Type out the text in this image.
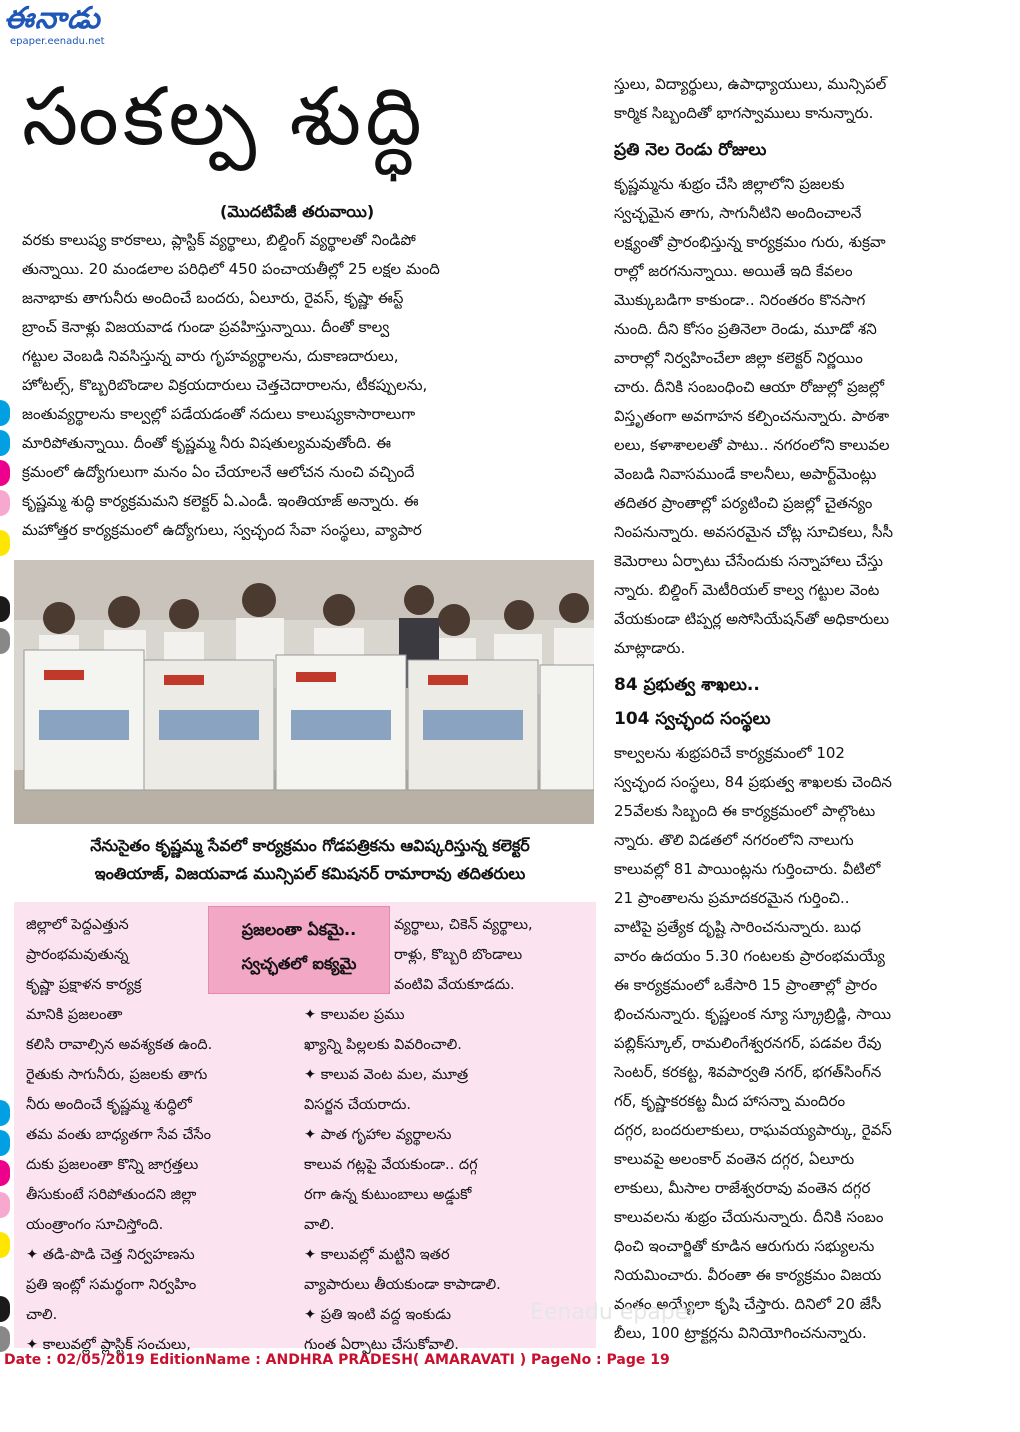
ఈనాడు
epaper.eenadu.net
సంకల్ప శుద్ధి
(మొదటిపేజీ తరువాయి)
వరకు కాలుష్య కారకాలు, ప్లాస్టిక్ వ్యర్థాలు, బిల్డింగ్ వ్యర్థాలతో నిండిపో
తున్నాయి. 20 మండలాల పరిధిలో 450 పంచాయతీల్లో 25 లక్షల మంది
జనాభాకు తాగునీరు అందించే బందరు, ఏలూరు, రైవస్, కృష్ణా ఈస్ట్
బ్రాంచ్ కెనాళ్లు విజయవాడ గుండా ప్రవహిస్తున్నాయి. దీంతో కాల్వ
గట్టుల వెంబడి నివసిస్తున్న వారు గృహవ్యర్థాలను, దుకాణదారులు,
హోటల్స్, కొబ్బరిబొండాల విక్రయదారులు చెత్తచెదారాలను, టీకప్పులను,
జంతువ్యర్థాలను కాల్వల్లో పడేయడంతో నదులు కాలుష్యకాసారాలుగా
మారిపోతున్నాయి. దీంతో కృష్ణమ్మ నీరు విషతుల్యమవుతోంది. ఈ
క్రమంలో ఉద్యోగులుగా మనం ఏం చేయాలనే ఆలోచన నుంచి వచ్చిందే
కృష్ణమ్మ శుద్ధి కార్యక్రమమని కలెక్టర్ ఏ.ఎండీ. ఇంతియాజ్ అన్నారు. ఈ
మహోత్తర కార్యక్రమంలో ఉద్యోగులు, స్వచ్ఛంద సేవా సంస్థలు, వ్యాపార
నేనుసైతం కృష్ణమ్మ సేవలో కార్యక్రమం గోడపత్రికను ఆవిష్కరిస్తున్న కలెక్టర్
ఇంతియాజ్, విజయవాడ మున్సిపల్ కమిషనర్ రామారావు తదితరులు
ప్రజలంతా ఏకమై..
స్వచ్ఛతలో ఐక్యమై
జిల్లాలో పెద్దఎత్తున
ప్రారంభమవుతున్న
కృష్ణా ప్రక్షాళన కార్యక్ర
మానికి ప్రజలంతా
కలిసి రావాల్సిన అవశ్యకత ఉంది.
రైతుకు సాగునీరు, ప్రజలకు తాగు
నీరు అందించే కృష్ణమ్మ శుద్ధిలో
తమ వంతు బాధ్యతగా సేవ చేసేం
దుకు ప్రజలంతా కొన్ని జాగ్రత్తలు
తీసుకుంటే సరిపోతుందని జిల్లా
యంత్రాంగం సూచిస్తోంది.
✦ తడి-పొడి చెత్త నిర్వహణను
ప్రతి ఇంట్లో సమర్థంగా నిర్వహిం
చాలి.
✦ కాలువల్లో ప్లాస్టిక్ సంచులు,
వ్యర్థాలు, చికెన్ వ్యర్థాలు,
రాళ్లు, కొబ్బరి బొండాలు
వంటివి వేయకూడదు.
✦ కాలువల ప్రము
ఖ్యాన్ని పిల్లలకు వివరించాలి.
✦ కాలువ వెంట మల, మూత్ర
విసర్జన చేయరాదు.
✦ పాత గృహాల వ్యర్థాలను
కాలువ గట్లపై వేయకుండా.. దగ్గ
రగా ఉన్న కుటుంబాలు అడ్డుకో
వాలి.
✦ కాలువల్లో మట్టిని ఇతర
వ్యాపారులు తీయకుండా కాపాడాలి.
✦ ప్రతి ఇంటి వద్ద ఇంకుడు
గుంత ఏర్పాటు చేసుకోవాలి.
స్తులు, విద్యార్థులు, ఉపాధ్యాయులు, మున్సిపల్
కార్మిక సిబ్బందితో భాగస్వాములు కానున్నారు.
ప్రతి నెల రెండు రోజులు
కృష్ణమ్మను శుభ్రం చేసి జిల్లాలోని ప్రజలకు
స్వచ్ఛమైన తాగు, సాగునీటిని అందించాలనే
లక్ష్యంతో ప్రారంభిస్తున్న కార్యక్రమం గురు, శుక్రవా
రాల్లో జరగనున్నాయి. అయితే ఇది కేవలం
మొక్కుబడిగా కాకుండా.. నిరంతరం కొనసాగ
నుంది. దీని కోసం ప్రతినెలా రెండు, మూడో శని
వారాల్లో నిర్వహించేలా జిల్లా కలెక్టర్ నిర్ణయిం
చారు. దీనికి సంబంధించి ఆయా రోజుల్లో ప్రజల్లో
విస్తృతంగా అవగాహన కల్పించనున్నారు. పాఠశా
లలు, కళాశాలలతో పాటు.. నగరంలోని కాలువల
వెంబడి నివాసముండే కాలనీలు, అపార్ట్‌మెంట్లు
తదితర ప్రాంతాల్లో పర్యటించి ప్రజల్లో చైతన్యం
నింపనున్నారు. అవసరమైన చోట్ల సూచికలు, సీసీ
కెమెరాలు ఏర్పాటు చేసేందుకు సన్నాహాలు చేస్తు
న్నారు. బిల్డింగ్ మెటీరియల్ కాల్వ గట్టుల వెంట
వేయకుండా టిప్పర్ల అసోసియేషన్‌తో అధికారులు
మాట్లాడారు.
84 ప్రభుత్వ శాఖలు..
104 స్వచ్ఛంద సంస్థలు
కాల్వలను శుభ్రపరిచే కార్యక్రమంలో 102
స్వచ్ఛంద సంస్థలు, 84 ప్రభుత్వ శాఖలకు చెందిన
25వేలకు సిబ్బంది ఈ కార్యక్రమంలో పాల్గొంటు
న్నారు. తొలి విడతలో నగరంలోని నాలుగు
కాలువల్లో 81 పాయింట్లను గుర్తించారు. వీటిలో
21 ప్రాంతాలను ప్రమాదకరమైన గుర్తించి..
వాటిపై ప్రత్యేక దృష్టి సారించనున్నారు. బుధ
వారం ఉదయం 5.30 గంటలకు ప్రారంభమయ్యే
ఈ కార్యక్రమంలో ఒకేసారి 15 ప్రాంతాల్లో ప్రారం
భించనున్నారు. కృష్ణలంక న్యూ స్క్రూబ్రిడ్జి, సాయి
పబ్లిక్‌స్కూల్, రామలింగేశ్వరనగర్, పడవల రేవు
సెంటర్, కరకట్ట, శివపార్వతి నగర్, భగత్‌సింగ్‌న
గర్, కృష్ణాకరకట్ట మీద హాసన్నా మందిరం
దగ్గర, బందరులాకులు, రాఘవయ్యపార్కు, రైవస్
కాలువపై అలంకార్ వంతెన దగ్గర, ఏలూరు
లాకులు, మీసాల రాజేశ్వరరావు వంతెన దగ్గర
కాలువలను శుభ్రం చేయనున్నారు. దీనికి సంబం
ధించి ఇంచార్జితో కూడిన ఆరుగురు సభ్యులను
నియమించారు. వీరంతా ఈ కార్యక్రమం విజయ
వంతం అయ్యేలా కృషి చేస్తారు. దినిలో 20 జేసీ
బీలు, 100 ట్రాక్టర్లను వినియోగించనున్నారు.
Eenadu epaper
Date : 02/05/2019 EditionName : ANDHRA PRADESH( AMARAVATI ) PageNo : Page 19
